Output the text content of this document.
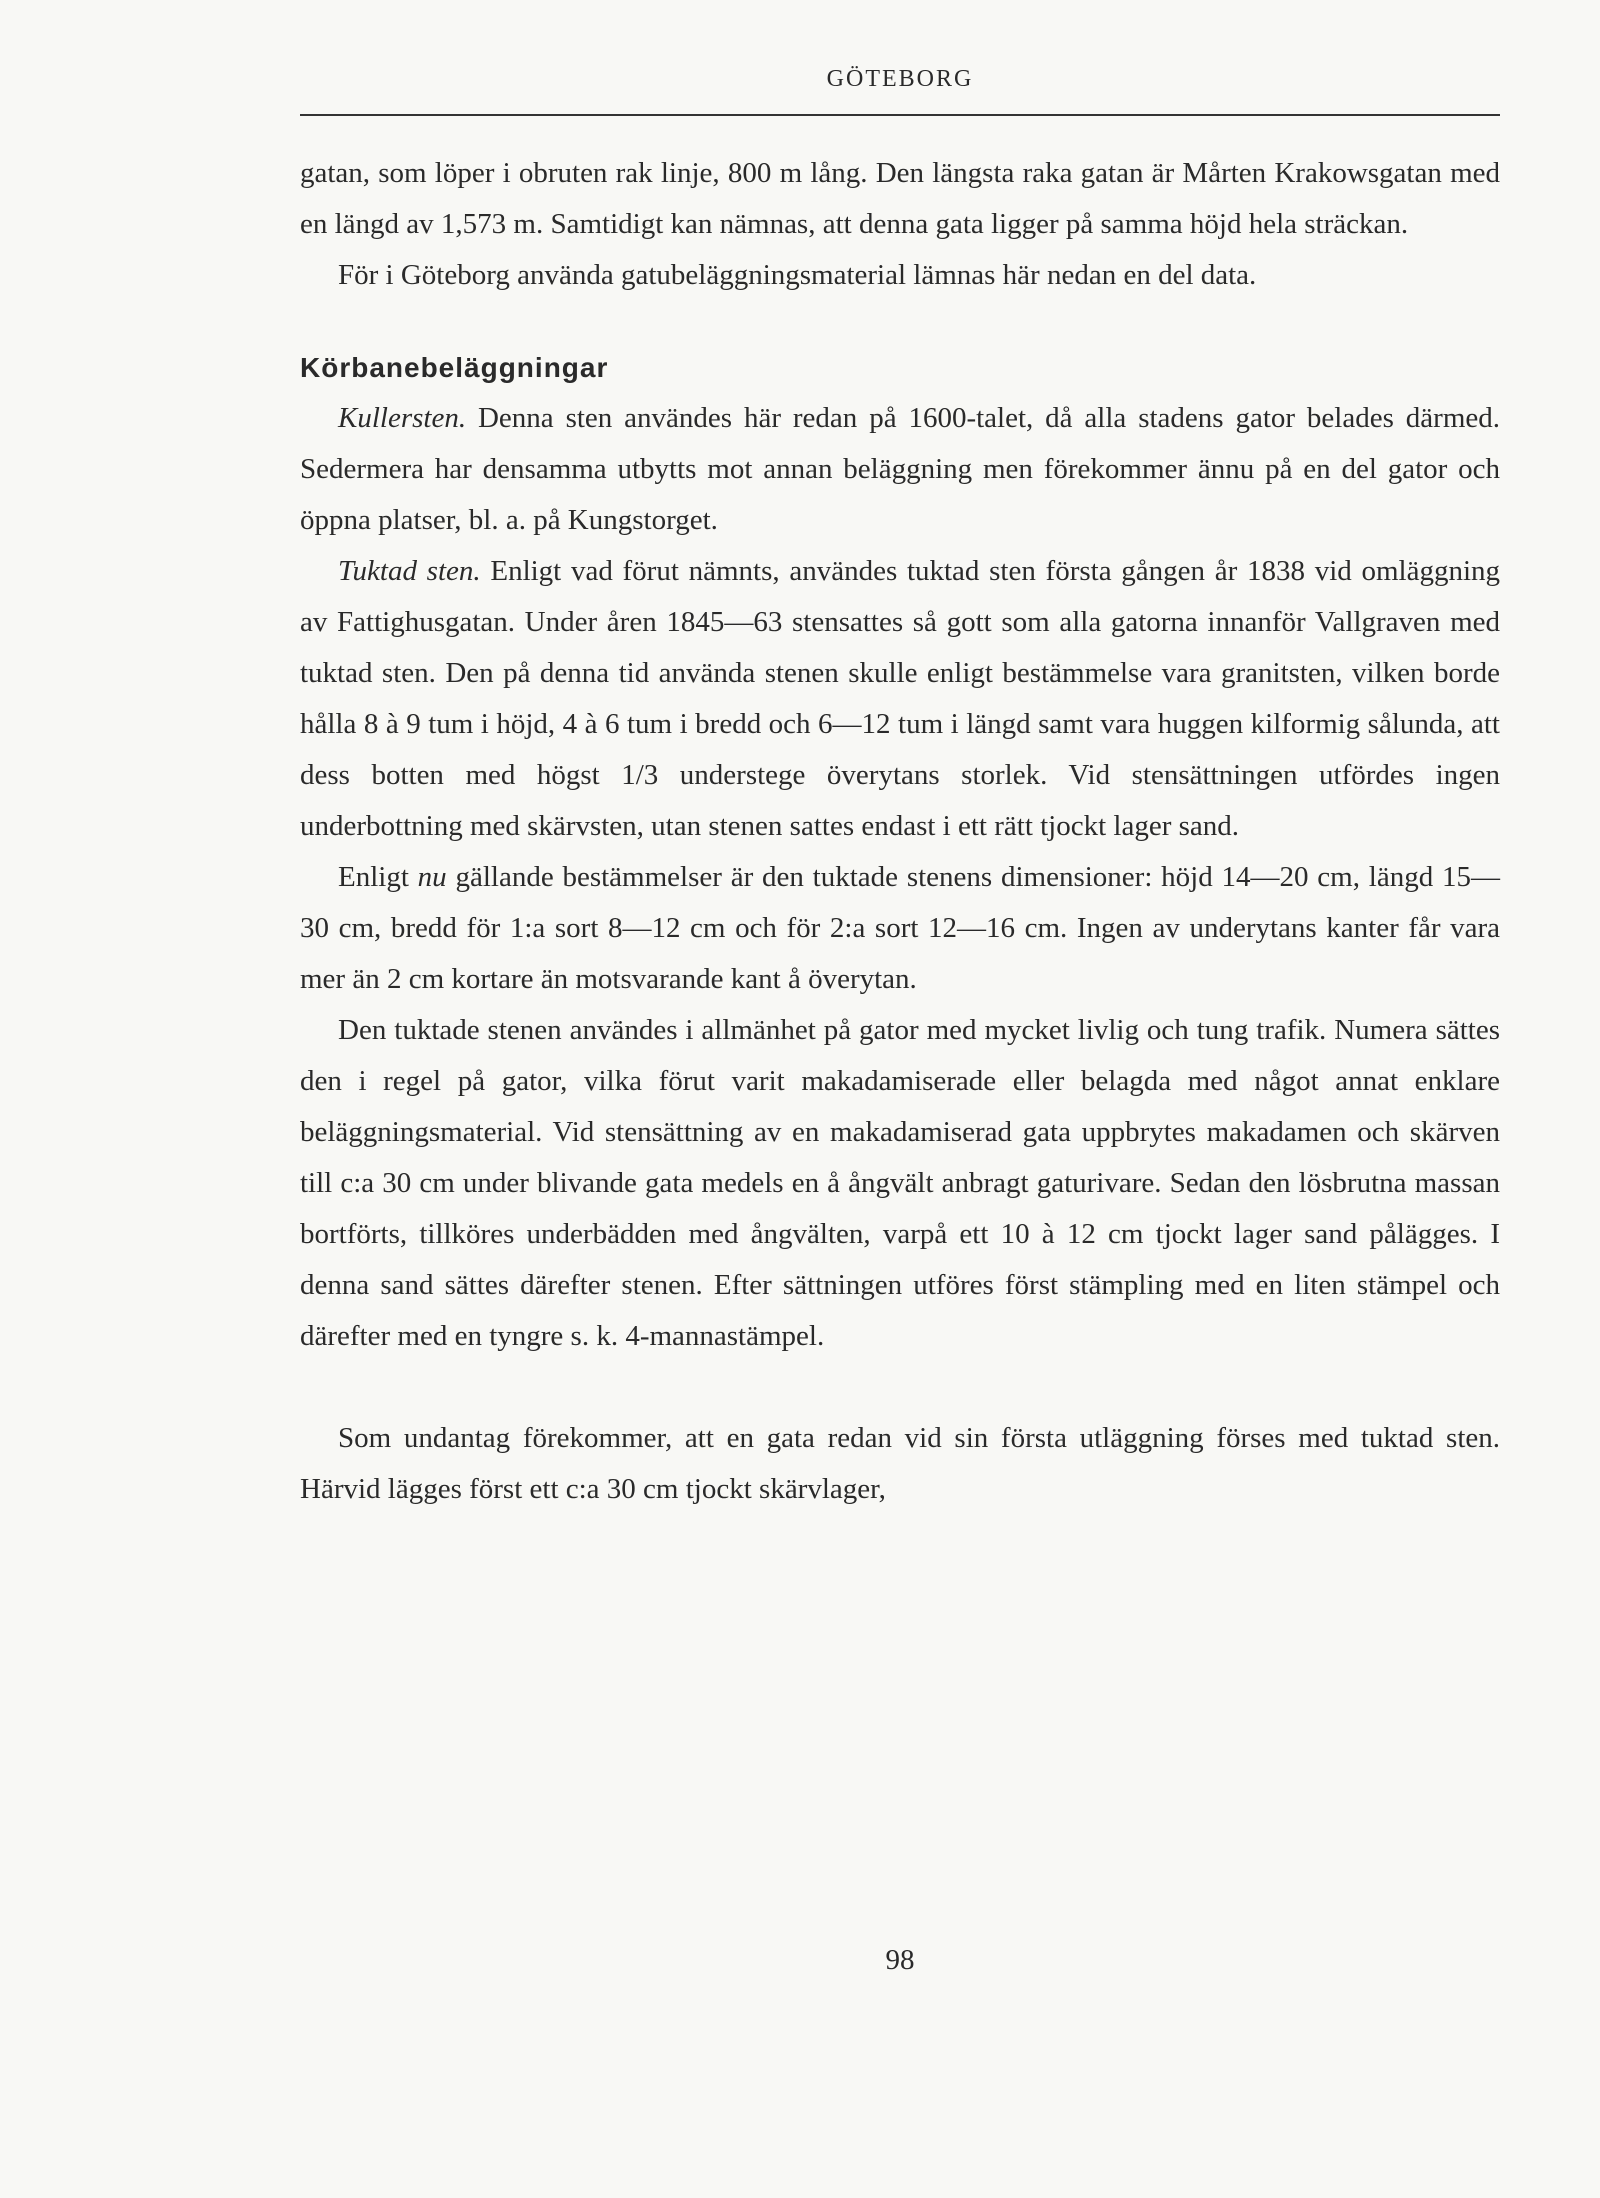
GÖTEBORG

gatan, som löper i obruten rak linje, 800 m lång. Den längsta raka gatan är Mårten Krakowsgatan med en längd av 1,573 m. Samtidigt kan nämnas, att denna gata ligger på samma höjd hela sträckan.

För i Göteborg använda gatubeläggningsmaterial lämnas här nedan en del data.

Körbanebeläggningar

Kullersten. Denna sten användes här redan på 1600-talet, då alla stadens gator belades därmed. Sedermera har densamma utbytts mot annan beläggning men förekommer ännu på en del gator och öppna platser, bl. a. på Kungstorget.

Tuktad sten. Enligt vad förut nämnts, användes tuktad sten första gången år 1838 vid omläggning av Fattighusgatan. Under åren 1845—63 stensattes så gott som alla gatorna innanför Vallgraven med tuktad sten. Den på denna tid använda stenen skulle enligt bestämmelse vara granitsten, vilken borde hålla 8 à 9 tum i höjd, 4 à 6 tum i bredd och 6—12 tum i längd samt vara huggen kilformig sålunda, att dess botten med högst 1/3 understege överytans storlek. Vid stensättningen utfördes ingen underbottning med skärvsten, utan stenen sattes endast i ett rätt tjockt lager sand.

Enligt nu gällande bestämmelser är den tuktade stenens dimensioner: höjd 14—20 cm, längd 15—30 cm, bredd för 1:a sort 8—12 cm och för 2:a sort 12—16 cm. Ingen av underytans kanter får vara mer än 2 cm kortare än motsvarande kant å överytan.

Den tuktade stenen användes i allmänhet på gator med mycket livlig och tung trafik. Numera sättes den i regel på gator, vilka förut varit makadamiserade eller belagda med något annat enklare beläggningsmaterial. Vid stensättning av en makadamiserad gata uppbrytes makadamen och skärven till c:a 30 cm under blivande gata medels en å ångvält anbragt gaturivare. Sedan den lösbrutna massan bortförts, tillköres underbädden med ångvälten, varpå ett 10 à 12 cm tjockt lager sand pålägges. I denna sand sättes därefter stenen. Efter sättningen utföres först stämpling med en liten stämpel och därefter med en tyngre s. k. 4-mannastämpel.

Som undantag förekommer, att en gata redan vid sin första utläggning förses med tuktad sten. Härvid lägges först ett c:a 30 cm tjockt skärvlager,

98
